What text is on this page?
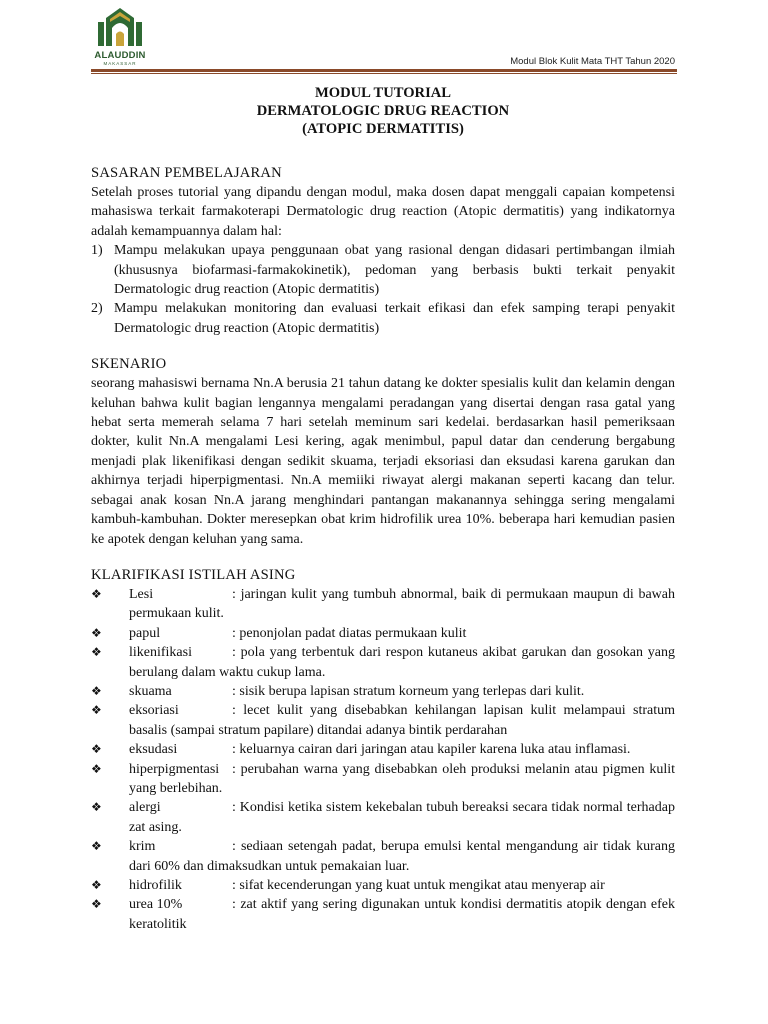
ALAUDDIN
MAKASSAR	Modul Blok Kulit Mata THT Tahun 2020
MODUL TUTORIAL
DERMATOLOGIC DRUG REACTION
(ATOPIC DERMATITIS)
SASARAN PEMBELAJARAN

Setelah proses tutorial yang dipandu dengan modul, maka dosen dapat menggali capaian kompetensi mahasiswa terkait farmakoterapi Dermatologic drug reaction (Atopic dermatitis) yang indikatornya adalah kemampuannya dalam hal:

1) Mampu melakukan upaya penggunaan obat yang rasional dengan didasari pertimbangan ilmiah (khususnya biofarmasi-farmakokinetik), pedoman yang berbasis bukti terkait penyakit Dermatologic drug reaction (Atopic dermatitis)
2) Mampu melakukan monitoring dan evaluasi terkait efikasi dan efek samping terapi penyakit Dermatologic drug reaction (Atopic dermatitis)
SKENARIO

seorang mahasiswi bernama Nn.A berusia 21 tahun datang ke dokter spesialis kulit dan kelamin dengan keluhan bahwa kulit bagian lengannya mengalami peradangan yang disertai dengan rasa gatal yang hebat serta memerah selama 7 hari setelah meminum sari kedelai. berdasarkan hasil pemeriksaan dokter, kulit Nn.A mengalami Lesi kering, agak menimbul, papul datar dan cenderung bergabung menjadi plak likenifikasi dengan sedikit skuama, terjadi eksoriasi dan eksudasi karena garukan dan akhirnya terjadi hiperpigmentasi. Nn.A memiiki riwayat alergi makanan seperti kacang dan telur. sebagai anak kosan Nn.A jarang menghindari pantangan makanannya sehingga sering mengalami kambuh-kambuhan. Dokter meresepkan obat krim hidrofilik urea 10%. beberapa hari kemudian pasien ke apotek dengan keluhan yang sama.

KLARIFIKASI ISTILAH ASING
❖ Lesi	: jaringan kulit yang tumbuh abnormal, baik di permukaan maupun di bawah permukaan kulit.
❖ papul	: penonjolan padat diatas permukaan kulit
❖ likenifikasi	: pola yang terbentuk dari respon kutaneus akibat garukan dan gosokan yang berulang dalam waktu cukup lama.
❖ skuama	: sisik berupa lapisan stratum korneum yang terlepas dari kulit.
❖ eksoriasi	: lecet kulit yang disebabkan kehilangan lapisan kulit melampaui stratum basalis (sampai stratum papilare) ditandai adanya bintik perdarahan
❖ eksudasi	: keluarnya cairan dari jaringan atau kapiler karena luka atau inflamasi.
❖ hiperpigmentasi : perubahan warna yang disebabkan oleh produksi melanin atau pigmen kulit yang berlebihan.
❖ alergi	: Kondisi ketika sistem kekebalan tubuh bereaksi secara tidak normal terhadap zat asing.
❖ krim	: sediaan setengah padat, berupa emulsi kental mengandung air tidak kurang dari 60% dan dimaksudkan untuk pemakaian luar.
❖ hidrofilik	: sifat kecenderungan yang kuat untuk mengikat atau menyerap air
❖ urea 10%	: zat aktif yang sering digunakan untuk kondisi dermatitis atopik dengan efek keratolitik
